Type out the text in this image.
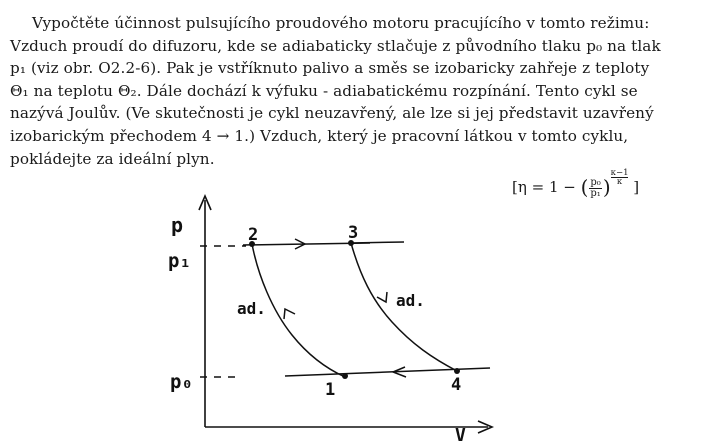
Vypočtěte účinnost pulsujícího proudového motoru pracujícího v tomto režimu:
Vzduch proudí do difuzoru, kde se adiabaticky stlačuje z původního tlaku p₀ na tlak
p₁ (viz obr. O2.2-6). Pak je vstříknuto palivo a směs se izobaricky zahřeje z teploty
Θ₁ na teplotu Θ₂. Dále dochází k výfuku - adiabatickému rozpínání. Tento cykl se
nazývá Joulův. (Ve skutečnosti je cykl neuzavřený, ale lze si jej představit uzavřený
izobarickým přechodem 4 → 1.) Vzduch, který je pracovní látkou v tomto cyklu,
pokládejte za ideální plyn.
[η = 1 − ( $\frac{\text{p₀}}{\text{p₁}}$ ) $\frac{\kappa-1}{\kappa}$
]
p
V
p₁
p₀
2	3
1	4
ad.	ad.
